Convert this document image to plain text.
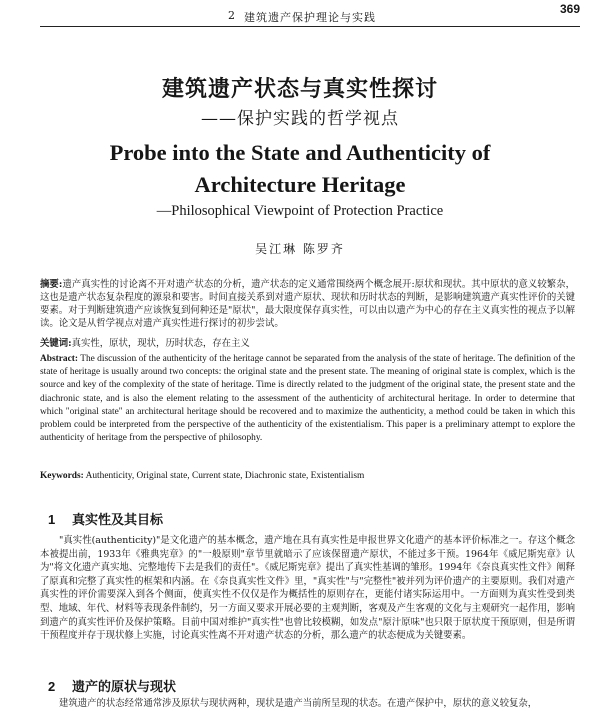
2 建筑遗产保护理论与实践
369
建筑遗产状态与真实性探讨
——保护实践的哲学视点
Probe into the State and Authenticity of Architecture Heritage
—Philosophical Viewpoint of Protection Practice
吴江琳 陈罗齐
摘要:遗产真实性的讨论离不开对遗产状态的分析，遗产状态的定义通常围绕两个概念展开:原状和现状。其中原状的意义较繁杂，这也是遗产状态复杂程度的源泉和要害。时间直接关系到对遗产原状、现状和历时状态的判断，是影响建筑遗产真实性评价的关键要素。对于判断建筑遗产应该恢复到何种还是"原状"，最大限度保存真实性，可以由以遗产为中心的存在主义真实性的视点予以解读。论文是从哲学视点对遗产真实性进行探讨的初步尝试。
关键词:真实性，原状，现状，历时状态，存在主义
Abstract: The discussion of the authenticity of the heritage cannot be separated from the analysis of the state of heritage. The definition of the state of heritage is usually around two concepts: the original state and the present state. The meaning of original state is complex, which is the source and key of the complexity of the state of heritage. Time is directly related to the judgment of the original state, the present state and the diachronic state, and is also the element relating to the assessment of the authenticity of architectural heritage. In order to determine that which "original state" an architectural heritage should be recovered and to maximize the authenticity, a method could be taken in which this problem could be interpreted from the perspective of the authenticity of the existentialism. This paper is a preliminary attempt to explore the authenticity of heritage from the perspective of philosophy.
Keywords: Authenticity, Original state, Current state, Diachronic state, Existentialism
1 真实性及其目标
"真实性(authenticity)"是文化遗产的基本概念，遗产地在具有真实性是申报世界文化遗产的基本评价标准之一。存这个概念本被提出前，1933年《雅典宪章》的"一般原则"章节里就暗示了应该保留遗产原状，不能过多干预。1964年《威尼斯宪章》认为"将文化遗产真实地、完整地传下去是我们的责任"。《威尼斯宪章》提出了真实性基调的雏形。1994年《奈良真实性文件》阐释了原真和完整了真实性的框架和内涵。在《奈良真实性文件》里，"真实性"与"完整性"被并列为评价遗产的主要原则。我们对遗产真实性的评价需要深入到各个侧面，使真实性不仅仅是作为概括性的原则存在，更能付诸实际运用中。一方面则为真实性受到类型、地域、年代、材料等表现条件制约，另一方面又要求开展必要的主观判断，客观及产生客观的文化与主观研究一起作用，影响到遗产的真实性评价及保护策略。目前中国对维护"真实性"也曾比较模糊，如发点"原汁原味"也只限于原状度干预原则，但是所谓干预程度并存于现状修上实施，讨论真实性离不开对遗产状态的分析，那么遗产的状态便成为关键要素。
2 遗产的原状与现状
建筑遗产的状态经常通常涉及原状与现状两种，现状是遗产当前所呈现的状态。在遗产保护中，原状的意义较复杂，
